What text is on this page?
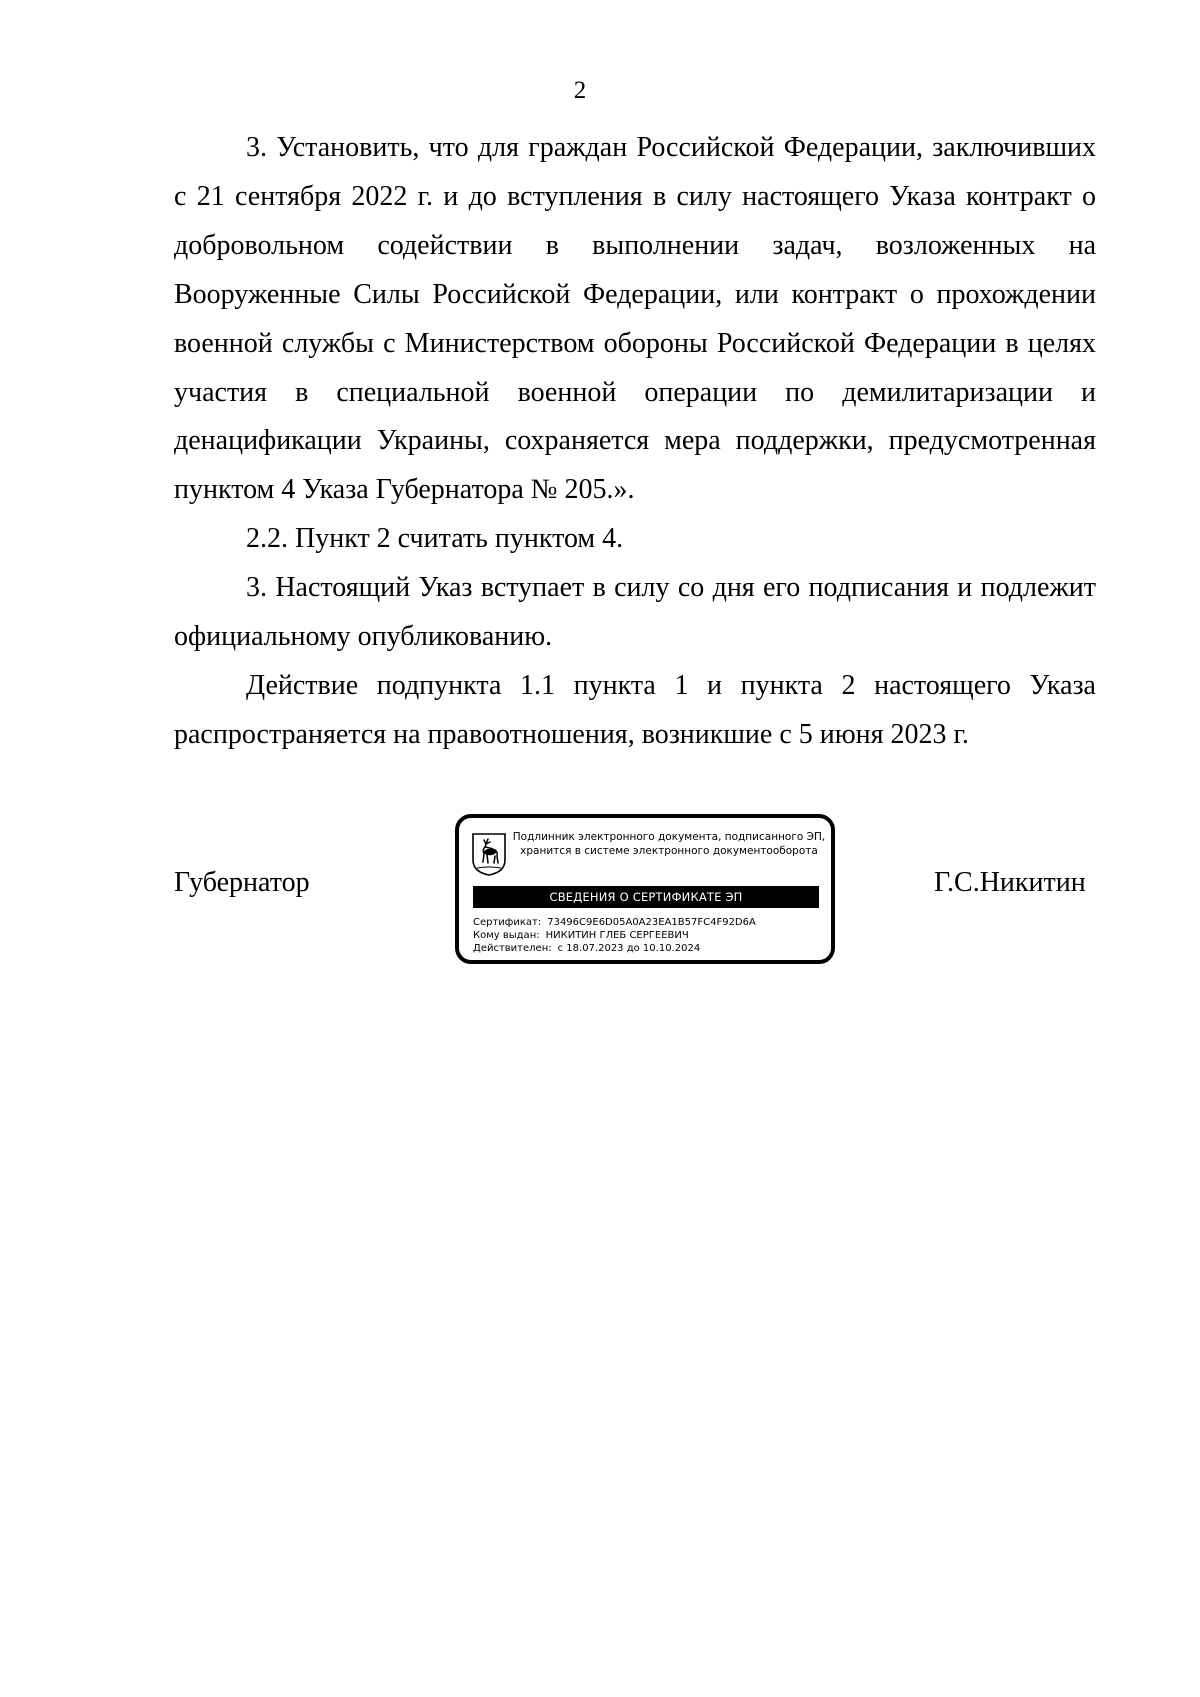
2

3. Установить, что для граждан Российской Федерации, заключивших с 21 сентября 2022 г. и до вступления в силу настоящего Указа контракт о добровольном содействии в выполнении задач, возложенных на Вооруженные Силы Российской Федерации, или контракт о прохождении военной службы с Министерством обороны Российской Федерации в целях участия в специальной военной операции по демилитаризации и денацификации Украины, сохраняется мера поддержки, предусмотренная пунктом 4 Указа Губернатора № 205.».

2.2. Пункт 2 считать пунктом 4.

3. Настоящий Указ вступает в силу со дня его подписания и подлежит официальному опубликованию.

Действие подпункта 1.1 пункта 1 и пункта 2 настоящего Указа распространяется на правоотношения, возникшие с 5 июня 2023 г.

Губернатор
Подлинник электронного документа, подписанного ЭП,
хранится в системе электронного документооборота
СВЕДЕНИЯ О СЕРТИФИКАТЕ ЭП
Сертификат: 73496C9E6D05A0A23EA1B57FC4F92D6A
Кому выдан: НИКИТИН ГЛЕБ СЕРГЕЕВИЧ
Действителен: с 18.07.2023 до 10.10.2024
Г.С.Никитин
